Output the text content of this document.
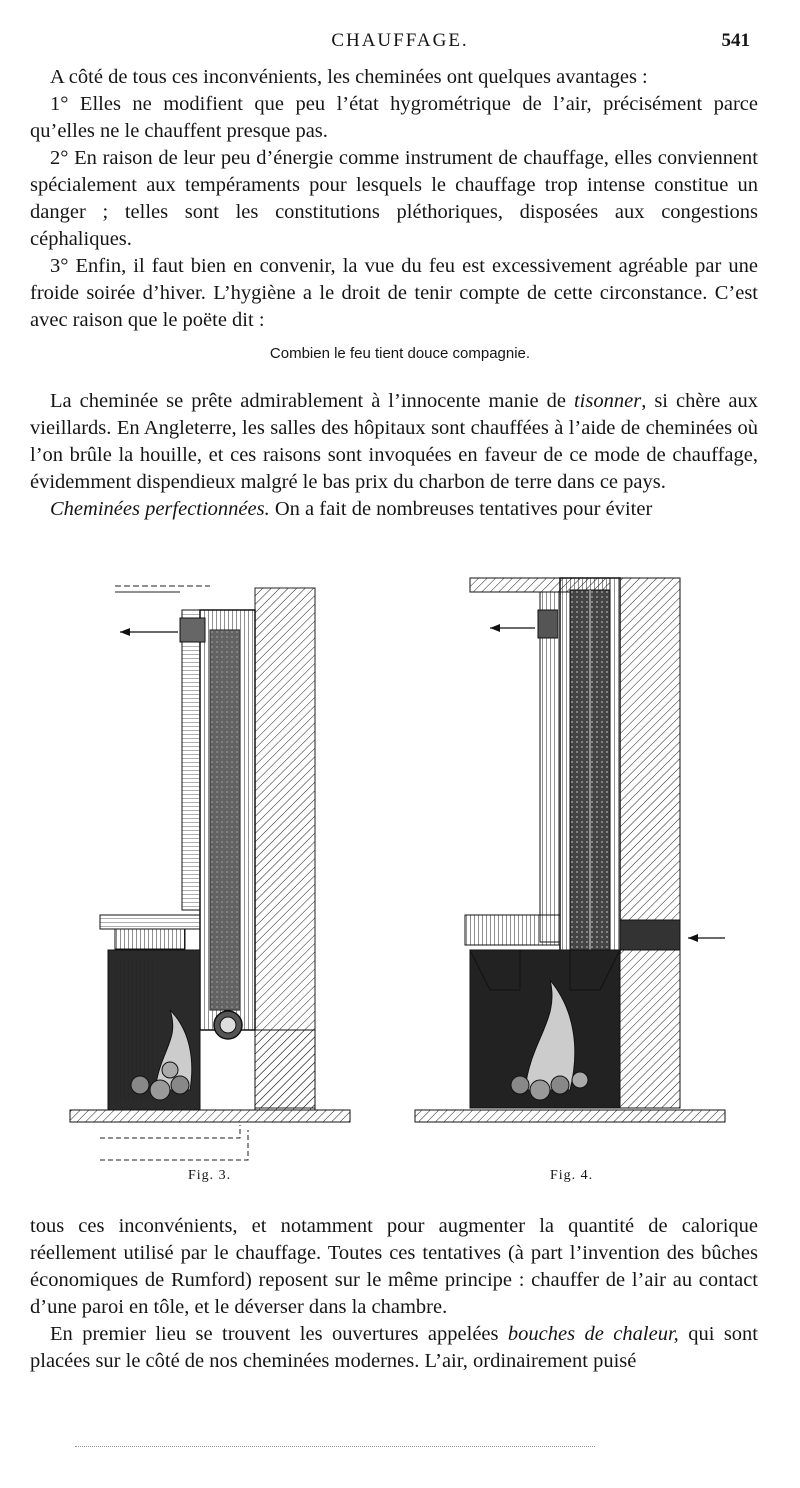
CHAUFFAGE.	541

A côté de tous ces inconvénients, les cheminées ont quelques avantages :

1° Elles ne modifient que peu l’état hygrométrique de l’air, précisément parce qu’elles ne le chauffent presque pas.

2° En raison de leur peu d’énergie comme instrument de chauffage, elles conviennent spécialement aux tempéraments pour lesquels le chauffage trop intense constitue un danger ; telles sont les constitutions pléthoriques, disposées aux congestions céphaliques.

3° Enfin, il faut bien en convenir, la vue du feu est excessivement agréable par une froide soirée d’hiver. L’hygiène a le droit de tenir compte de cette circonstance. C’est avec raison que le poëte dit :

Combien le feu tient douce compagnie.

La cheminée se prête admirablement à l’innocente manie de tisonner, si chère aux vieillards. En Angleterre, les salles des hôpitaux sont chauffées à l’aide de cheminées où l’on brûle la houille, et ces raisons sont invoquées en faveur de ce mode de chauffage, évidemment dispendieux malgré le bas prix du charbon de terre dans ce pays.

Cheminées perfectionnées. On a fait de nombreuses tentatives pour éviter

Fig. 3.	Fig. 4.

tous ces inconvénients, et notamment pour augmenter la quantité de calorique réellement utilisé par le chauffage. Toutes ces tentatives (à part l’invention des bûches économiques de Rumford) reposent sur le même principe : chauffer de l’air au contact d’une paroi en tôle, et le déverser dans la chambre.

En premier lieu se trouvent les ouvertures appelées bouches de chaleur, qui sont placées sur le côté de nos cheminées modernes. L’air, ordinairement puisé
